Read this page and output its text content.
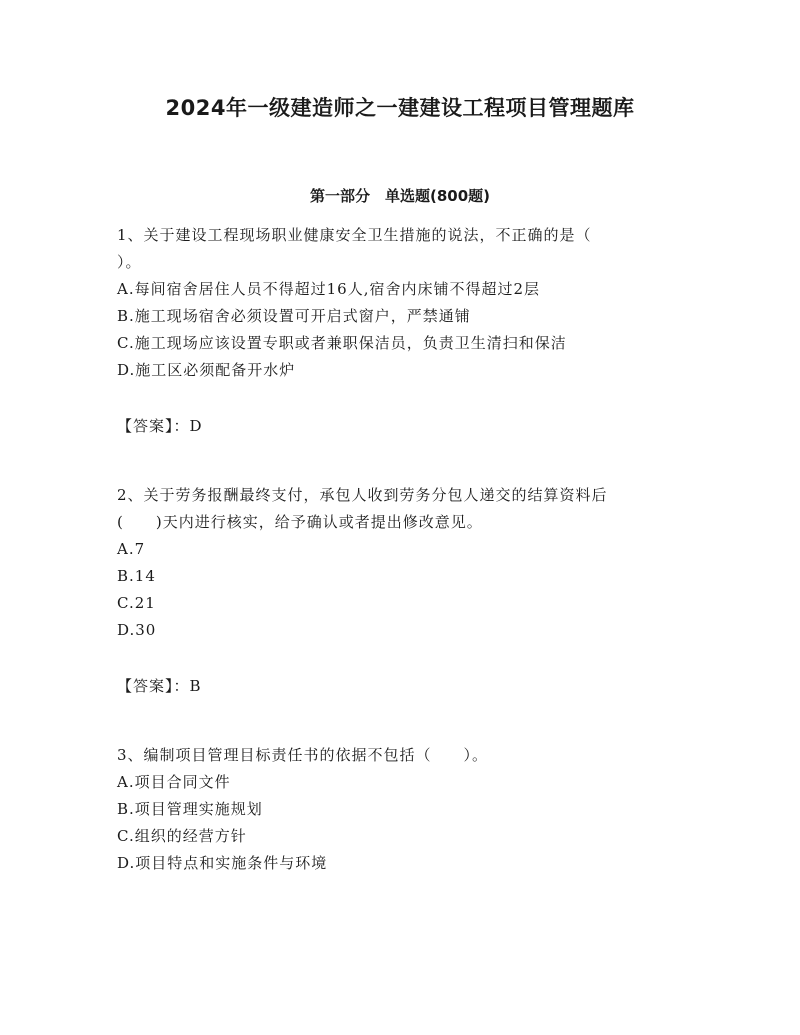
2024年一级建造师之一建建设工程项目管理题库
第一部分　单选题(800题)
1、关于建设工程现场职业健康安全卫生措施的说法，不正确的是（
）。
A.每间宿舍居住人员不得超过16人,宿舍内床铺不得超过2层
B.施工现场宿舍必须设置可开启式窗户，严禁通铺
C.施工现场应该设置专职或者兼职保洁员，负责卫生清扫和保洁
D.施工区必须配备开水炉
【答案】：D
2、关于劳务报酬最终支付，承包人收到劳务分包人递交的结算资料后
(　　)天内进行核实，给予确认或者提出修改意见。
A.7
B.14
C.21
D.30
【答案】：B
3、编制项目管理目标责任书的依据不包括（　　）。
A.项目合同文件
B.项目管理实施规划
C.组织的经营方针
D.项目特点和实施条件与环境
